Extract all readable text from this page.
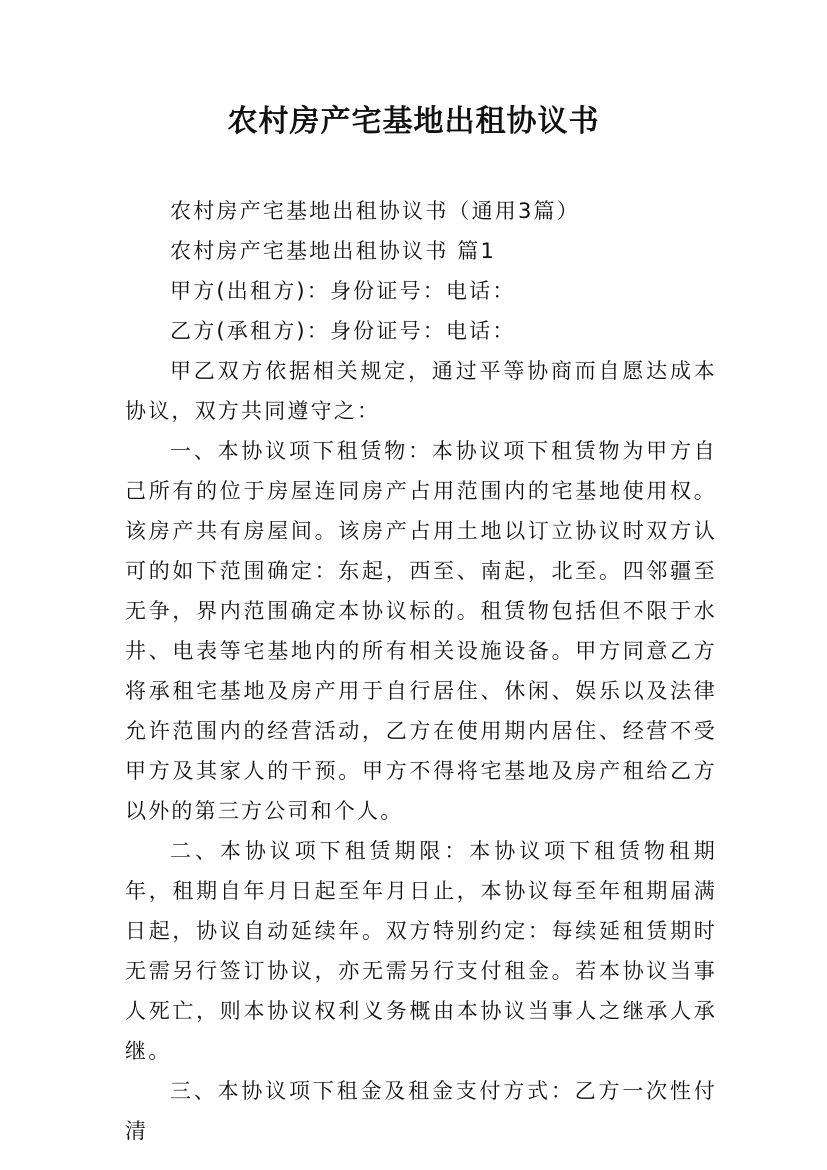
农村房产宅基地出租协议书

农村房产宅基地出租协议书（通用3篇）

农村房产宅基地出租协议书 篇1

甲方(出租方)：身份证号：电话：

乙方(承租方)：身份证号：电话：

甲乙双方依据相关规定，通过平等协商而自愿达成本协议，双方共同遵守之：

一、本协议项下租赁物：本协议项下租赁物为甲方自己所有的位于房屋连同房产占用范围内的宅基地使用权。该房产共有房屋间。该房产占用土地以订立协议时双方认可的如下范围确定：东起，西至、南起，北至。四邻疆至无争，界内范围确定本协议标的。租赁物包括但不限于水井、电表等宅基地内的所有相关设施设备。甲方同意乙方将承租宅基地及房产用于自行居住、休闲、娱乐以及法律允许范围内的经营活动，乙方在使用期内居住、经营不受甲方及其家人的干预。甲方不得将宅基地及房产租给乙方以外的第三方公司和个人。

二、本协议项下租赁期限：本协议项下租赁物租期年，租期自年月日起至年月日止，本协议每至年租期届满日起，协议自动延续年。双方特别约定：每续延租赁期时无需另行签订协议，亦无需另行支付租金。若本协议当事人死亡，则本协议权利义务概由本协议当事人之继承人承继。

三、本协议项下租金及租金支付方式：乙方一次性付清
